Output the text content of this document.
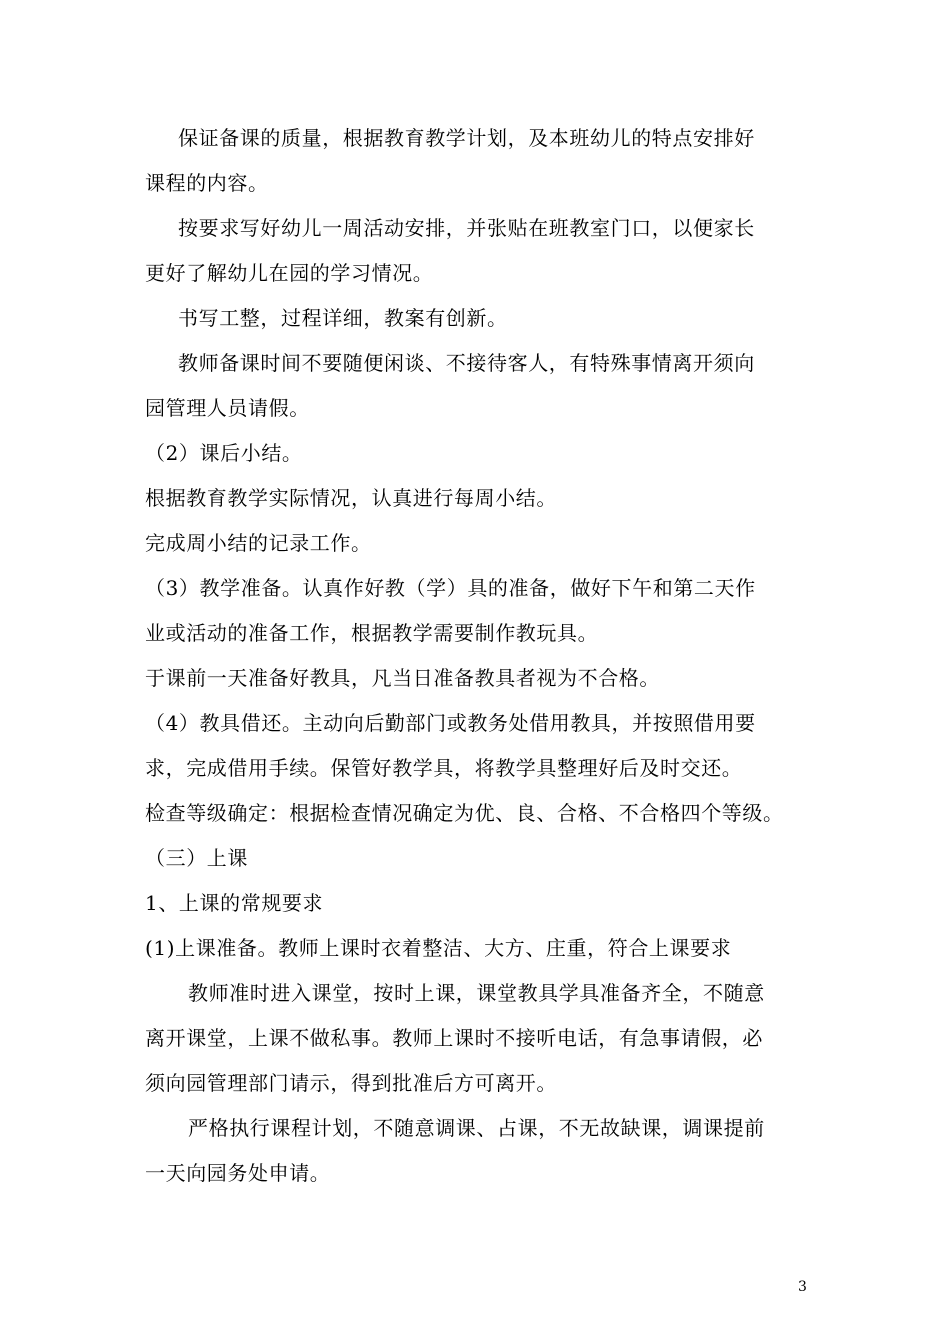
保证备课的质量，根据教育教学计划，及本班幼儿的特点安排好
课程的内容。
按要求写好幼儿一周活动安排，并张贴在班教室门口，以便家长
更好了解幼儿在园的学习情况。
书写工整，过程详细，教案有创新。
教师备课时间不要随便闲谈、不接待客人，有特殊事情离开须向
园管理人员请假。
（2）课后小结。
根据教育教学实际情况，认真进行每周小结。
完成周小结的记录工作。
（3）教学准备。认真作好教（学）具的准备，做好下午和第二天作
业或活动的准备工作，根据教学需要制作教玩具。
于课前一天准备好教具，凡当日准备教具者视为不合格。
（4）教具借还。主动向后勤部门或教务处借用教具，并按照借用要
求，完成借用手续。保管好教学具，将教学具整理好后及时交还。
检查等级确定：根据检查情况确定为优、良、合格、不合格四个等级。
（三）上课
1、上课的常规要求
(1)上课准备。教师上课时衣着整洁、大方、庄重，符合上课要求
教师准时进入课堂，按时上课，课堂教具学具准备齐全，不随意
离开课堂，上课不做私事。教师上课时不接听电话，有急事请假，必
须向园管理部门请示，得到批准后方可离开。
严格执行课程计划，不随意调课、占课，不无故缺课，调课提前
一天向园务处申请。
3
